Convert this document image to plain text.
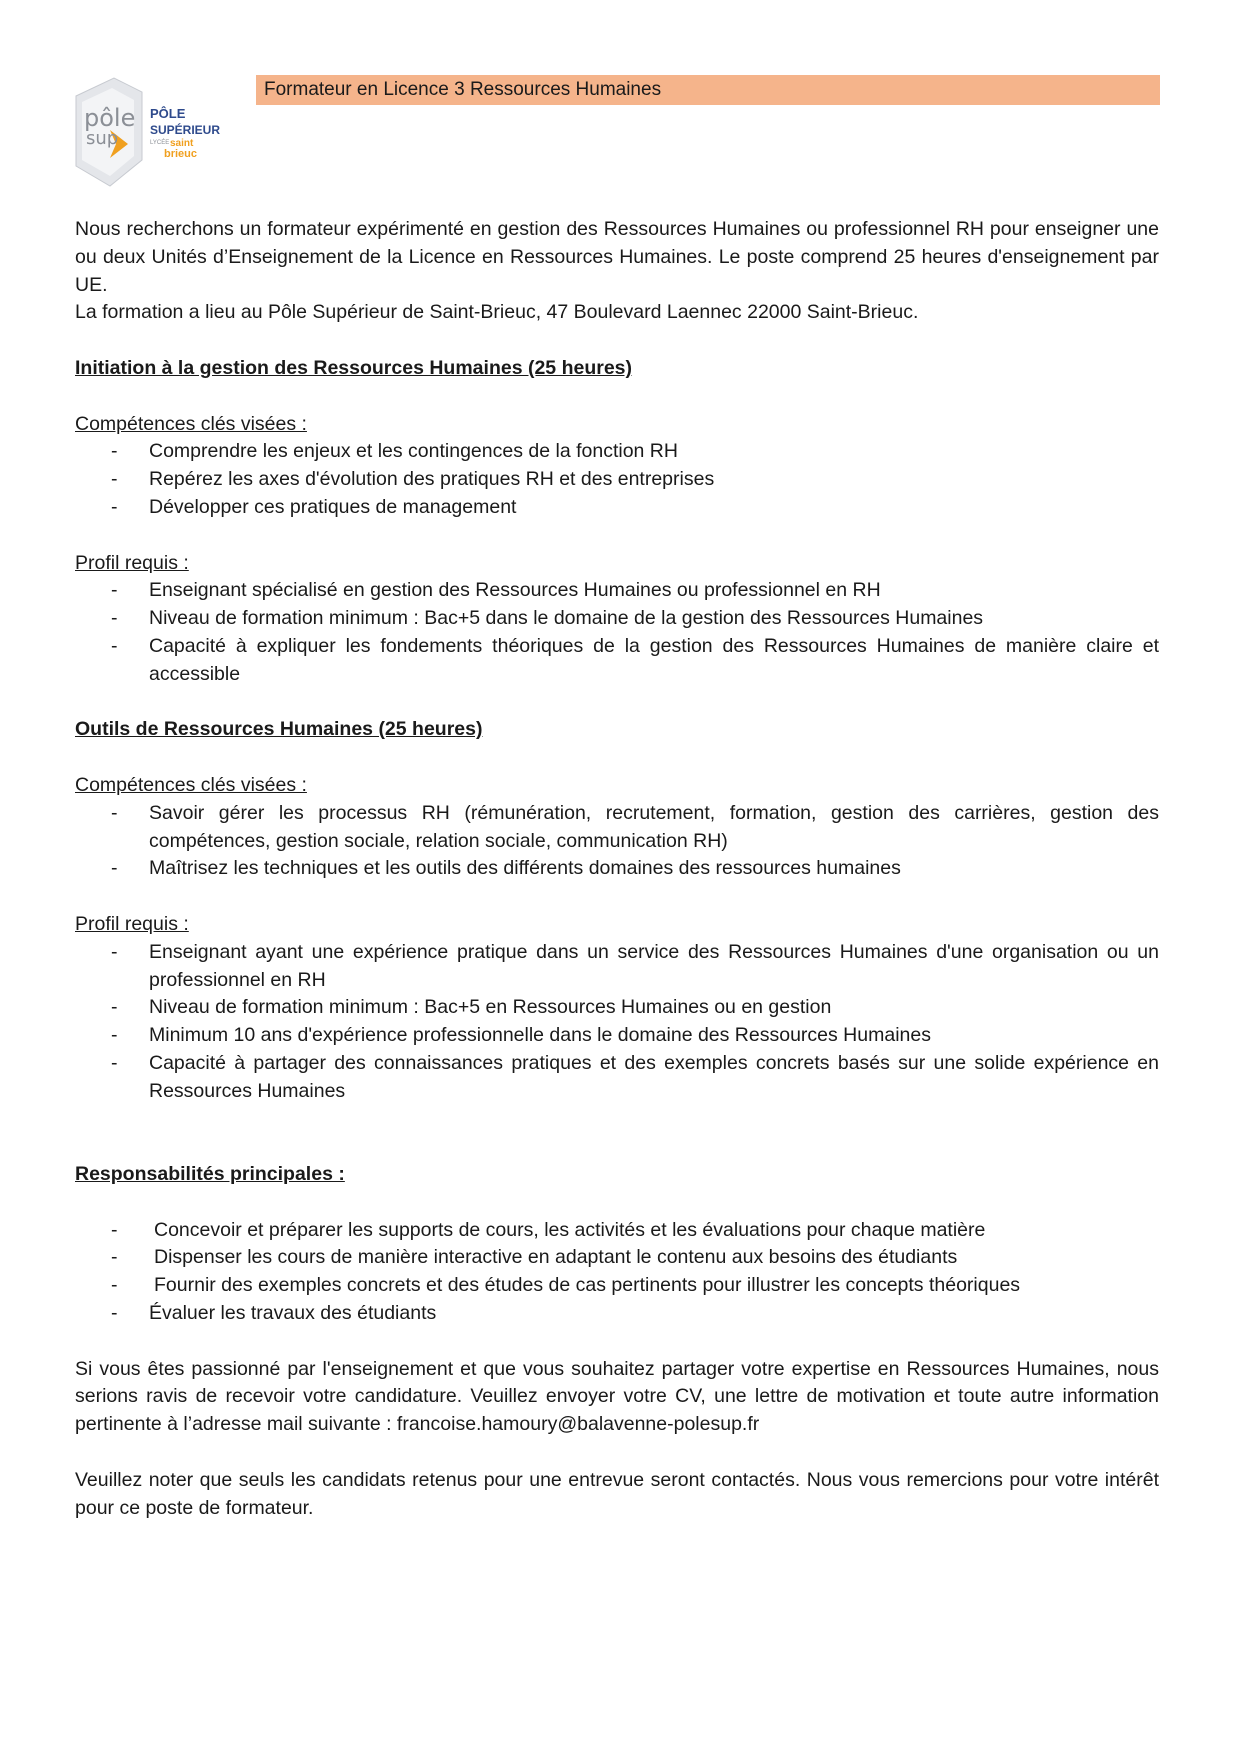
pôle
sup
PÔLE
SUPÉRIEUR
LYCÉE saint
brieuc
Formateur en Licence 3 Ressources Humaines

Nous recherchons un formateur expérimenté en gestion des Ressources Humaines ou professionnel RH pour enseigner une ou deux Unités d’Enseignement de la Licence en Ressources Humaines. Le poste comprend 25 heures d'enseignement par UE.

La formation a lieu au Pôle Supérieur de Saint-Brieuc, 47 Boulevard Laennec 22000 Saint-Brieuc.

Initiation à la gestion des Ressources Humaines (25 heures)

Compétences clés visées :

- Comprendre les enjeux et les contingences de la fonction RH
- Repérez les axes d'évolution des pratiques RH et des entreprises
- Développer ces pratiques de management

Profil requis :

- Enseignant spécialisé en gestion des Ressources Humaines ou professionnel en RH
- Niveau de formation minimum : Bac+5 dans le domaine de la gestion des Ressources Humaines
- Capacité à expliquer les fondements théoriques de la gestion des Ressources Humaines de manière claire et accessible

Outils de Ressources Humaines (25 heures)

Compétences clés visées :

- Savoir gérer les processus RH (rémunération, recrutement, formation, gestion des carrières, gestion des compétences, gestion sociale, relation sociale, communication RH)
- Maîtrisez les techniques et les outils des différents domaines des ressources humaines

Profil requis :

- Enseignant ayant une expérience pratique dans un service des Ressources Humaines d'une organisation ou un professionnel en RH
- Niveau de formation minimum : Bac+5 en Ressources Humaines ou en gestion
- Minimum 10 ans d'expérience professionnelle dans le domaine des Ressources Humaines
- Capacité à partager des connaissances pratiques et des exemples concrets basés sur une solide expérience en Ressources Humaines

Responsabilités principales :

- Concevoir et préparer les supports de cours, les activités et les évaluations pour chaque matière
- Dispenser les cours de manière interactive en adaptant le contenu aux besoins des étudiants
- Fournir des exemples concrets et des études de cas pertinents pour illustrer les concepts théoriques
- Évaluer les travaux des étudiants

Si vous êtes passionné par l'enseignement et que vous souhaitez partager votre expertise en Ressources Humaines, nous serions ravis de recevoir votre candidature. Veuillez envoyer votre CV, une lettre de motivation et toute autre information pertinente à l’adresse mail suivante : francoise.hamoury@balavenne-polesup.fr

Veuillez noter que seuls les candidats retenus pour une entrevue seront contactés. Nous vous remercions pour votre intérêt pour ce poste de formateur.
